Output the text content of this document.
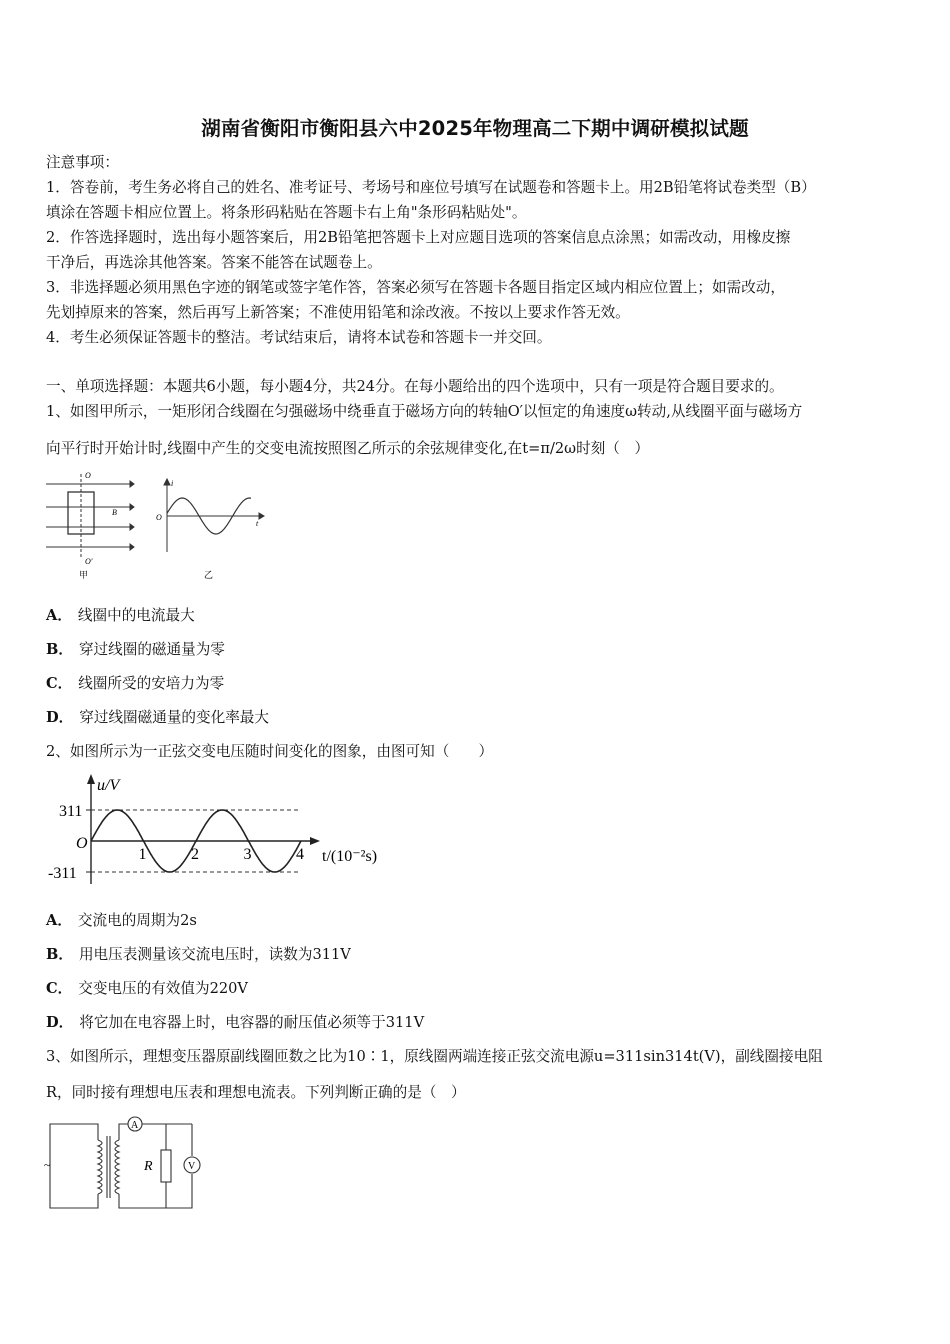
湖南省衡阳市衡阳县六中2025年物理高二下期中调研模拟试题
注意事项：
1．答卷前，考生务必将自己的姓名、准考证号、考场号和座位号填写在试题卷和答题卡上。用2B铅笔将试卷类型（B）
填涂在答题卡相应位置上。将条形码粘贴在答题卡右上角"条形码粘贴处"。
2．作答选择题时，选出每小题答案后，用2B铅笔把答题卡上对应题目选项的答案信息点涂黑；如需改动，用橡皮擦
干净后，再选涂其他答案。答案不能答在试题卷上。
3．非选择题必须用黑色字迹的钢笔或签字笔作答，答案必须写在答题卡各题目指定区域内相应位置上；如需改动，
先划掉原来的答案，然后再写上新答案；不准使用铅笔和涂改液。不按以上要求作答无效。
4．考生必须保证答题卡的整洁。考试结束后，请将本试卷和答题卡一并交回。
一、单项选择题：本题共6小题，每小题4分，共24分。在每小题给出的四个选项中，只有一项是符合题目要求的。
1、如图甲所示，一矩形闭合线圈在匀强磁场中绕垂直于磁场方向的转轴O′以恒定的角速度ω转动,从线圈平面与磁场方
向平行时开始计时,线圈中产生的交变电流按照图乙所示的余弦规律变化,在t=π/2ω时刻（　）
O
O′
B
甲
i
O
t
乙
A． 线圈中的电流最大
B． 穿过线圈的磁通量为零
C． 线圈所受的安培力为零
D． 穿过线圈磁通量的变化率最大
2、如图所示为一正弦交变电压随时间变化的图象，由图可知（　　）
1	2	3	4
311
-311
u/V
t/(10⁻²s)
O
A． 交流电的周期为2s
B． 用电压表测量该交流电压时，读数为311V
C． 交变电压的有效值为220V
D． 将它加在电容器上时，电容器的耐压值必须等于311V
3、如图所示，理想变压器原副线圈匝数之比为10∶1，原线圈两端连接正弦交流电源u=311sin314t(V)，副线圈接电阻
R，同时接有理想电压表和理想电流表。下列判断正确的是（　）
A
V
R
~
